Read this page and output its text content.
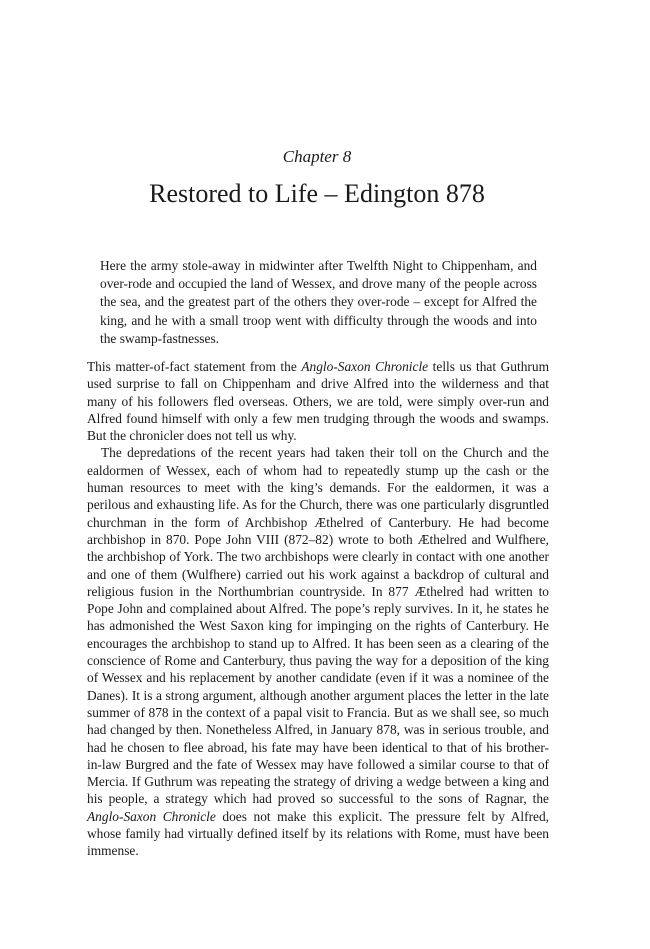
Chapter 8
Restored to Life – Edington 878
Here the army stole-away in midwinter after Twelfth Night to Chippenham, and over-rode and occupied the land of Wessex, and drove many of the people across the sea, and the greatest part of the others they over-rode – except for Alfred the king, and he with a small troop went with difficulty through the woods and into the swamp-fastnesses.

This matter-of-fact statement from the Anglo-Saxon Chronicle tells us that Guthrum used surprise to fall on Chippenham and drive Alfred into the wilderness and that many of his followers fled overseas. Others, we are told, were simply over-run and Alfred found himself with only a few men trudging through the woods and swamps. But the chronicler does not tell us why.

The depredations of the recent years had taken their toll on the Church and the ealdormen of Wessex, each of whom had to repeatedly stump up the cash or the human resources to meet with the king’s demands. For the ealdormen, it was a perilous and exhausting life. As for the Church, there was one particularly disgruntled churchman in the form of Archbishop Æthelred of Canterbury. He had become archbishop in 870. Pope John VIII (872–82) wrote to both Æthelred and Wulfhere, the archbishop of York. The two archbishops were clearly in contact with one another and one of them (Wulfhere) carried out his work against a backdrop of cultural and religious fusion in the Northumbrian countryside. In 877 Æthelred had written to Pope John and complained about Alfred. The pope’s reply survives. In it, he states he has admonished the West Saxon king for impinging on the rights of Canterbury. He encourages the archbishop to stand up to Alfred. It has been seen as a clearing of the conscience of Rome and Canterbury, thus paving the way for a deposition of the king of Wessex and his replacement by another candidate (even if it was a nominee of the Danes). It is a strong argument, although another argument places the letter in the late summer of 878 in the context of a papal visit to Francia. But as we shall see, so much had changed by then. Nonetheless Alfred, in January 878, was in serious trouble, and had he chosen to flee abroad, his fate may have been identical to that of his brother-in-law Burgred and the fate of Wessex may have followed a similar course to that of Mercia. If Guthrum was repeating the strategy of driving a wedge between a king and his people, a strategy which had proved so successful to the sons of Ragnar, the Anglo-Saxon Chronicle does not make this explicit. The pressure felt by Alfred, whose family had virtually defined itself by its relations with Rome, must have been immense.
